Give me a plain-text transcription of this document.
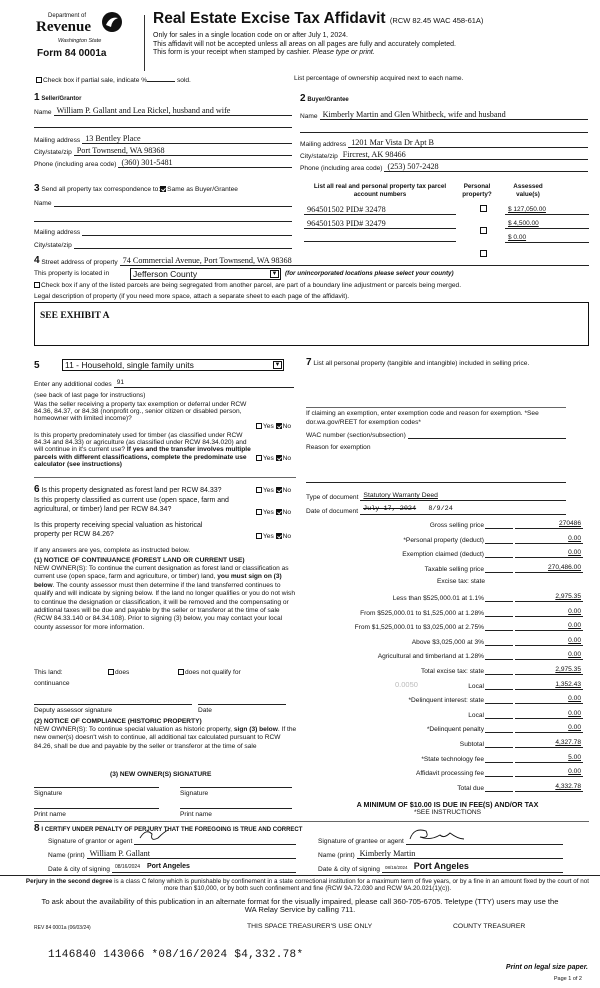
Department of
Revenue
Washington State
Form 84 0001a
Real Estate Excise Tax Affidavit (RCW 82.45 WAC 458-61A)
Only for sales in a single location code on or after July 1, 2024.
This affidavit will not be accepted unless all areas on all pages are fully and accurately completed.
This form is your receipt when stamped by cashier. Please type or print.
Check box if partial sale, indicate %	sold.	List percentage of ownership acquired next to each name.
1 Seller/Grantor
Name William P. Gallant and Lea Rickel, husband and wife
Mailing address 13 Bentley Place
City/state/zip Port Townsend, WA 98368
Phone (including area code) (360) 301-5481
2 Buyer/Grantee
Name Kimberly Martin and Glen Whitbeck, wife and husband
Mailing address 1201 Mar Vista Dr Apt B
City/state/zip Fircrest, AK 98466
Phone (including area code) (253) 507-2428
3 Send all property tax correspondence to: Same as Buyer/Grantee
Name
Mailing address
City/state/zip
List all real and personal property tax parcel account numbers
Personal property?
Assessed value(s)
964501502 PID# 32478	$ 127,050.00
964501503 PID# 32479	$ 4,500.00
$ 0.00
4
Street address of property 74 Commercial Avenue, Port Townsend, WA 98368
This property is located in	Jefferson County	▼ (for unincorporated locations please select your county)
Check box if any of the listed parcels are being segregated from another parcel, are part of a boundary line adjustment or parcels being merged.
Legal description of property (if you need more space, attach a separate sheet to each page of the affidavit).
SEE EXHIBIT A
5	11 - Household, single family units	▼
Enter any additional codes 91
(see back of last page for instructions)
Was the seller receiving a property tax exemption or deferral under RCW 84.36, 84.37, or 84.38 (nonprofit org., senior citizen or disabled person, homeowner with limited income)?
Yes No
Is this property predominately used for timber (as classified under RCW 84.34 and 84.33) or agriculture (as classified under RCW 84.34.020) and will continue in it's current use? If yes and the transfer involves multiple parcels with different classifications, complete the predominate use calculator (see instructions)
Yes No
6 Is this property designated as forest land per RCW 84.33?	Yes No
Is this property classified as current use (open space, farm and agricultural, or timber) land per RCW 84.34?	Yes No
Is this property receiving special valuation as historical property per RCW 84.26?	Yes No
If any answers are yes, complete as instructed below.
(1) NOTICE OF CONTINUANCE (FOREST LAND OR CURRENT USE)
NEW OWNER(S): To continue the current designation as forest land or classification as current use (open space, farm and agriculture, or timber) land, you must sign on (3) below. The county assessor must then determine if the land transferred continues to qualify and will indicate by signing below. If the land no longer qualifies or you do not wish to continue the designation or classification, it will be removed and the compensating or additional taxes will be due and payable by the seller or transferor at the time of sale (RCW 84.33.140 or 84.34.108). Prior to signing (3) below, you may contact your local county assessor for more information.
This land:	does	does not qualify for
continuance
Deputy assessor signature	Date
(2) NOTICE OF COMPLIANCE (HISTORIC PROPERTY)
NEW OWNER(S): To continue special valuation as historic property, sign (3) below. If the new owner(s) doesn't wish to continue, all additional tax calculated pursuant to RCW 84.26, shall be due and payable by the seller or transferor at the time of sale
(3) NEW OWNER(S) SIGNATURE
Signature	Signature
Print name	Print name
7 List all personal property (tangible and intangible) included in selling price.
If claiming an exemption, enter exemption code and reason for exemption. *See dor.wa.gov/REET for exemption codes*
WAC number (section/subsection)
Reason for exemption
Type of document Statutory Warranty Deed
Date of document July 17, 2024 8/9/24
Gross selling price	270486
*Personal property (deduct)	0.00
Exemption claimed (deduct)	0.00
Taxable selling price	270,486.00
Excise tax: state
Less than $525,000.01 at 1.1%	2,975.35
From $525,000.01 to $1,525,000 at 1.28%	0.00
From $1,525,000.01 to $3,025,000 at 2.75%	0.00
Above $3,025,000 at 3%	0.00
Agricultural and timberland at 1.28%	0.00
Total excise tax: state	2,975.35
Local	1,352.43
*Delinquent interest: state	0.00
Local	0.00
*Delinquent penalty	0.00
Subtotal	4,327.78
*State technology fee	5.00
Affidavit processing fee	0.00
Total due	4,332.78
0.0050
A MINIMUM OF $10.00 IS DUE IN FEE(S) AND/OR TAX
*SEE INSTRUCTIONS
8 I CERTIFY UNDER PENALTY OF PERJURY THAT THE FOREGOING IS TRUE AND CORRECT
Signature of grantor or agent
Name (print) William P. Gallant
Date & city of signing	08/16/2024 Port Angeles
Signature of grantee or agent
Name (print) Kimberly Martin
Date & city of signing	08/16/2024 Port Angeles
Perjury in the second degree is a class C felony which is punishable by confinement in a state correctional institution for a maximum term of five years, or by a fine in an amount fixed by the court of not more than $10,000, or by both such confinement and fine (RCW 9A.72.030 and RCW 9A.20.021(1)(c)).
To ask about the availability of this publication in an alternate format for the visually impaired, please call 360-705-6705. Teletype (TTY) users may use the WA Relay Service by calling 711.
REV 84 0001a (06/03/24)	THIS SPACE TREASURER'S USE ONLY	COUNTY TREASURER
1146840 143066 *08/16/2024 $4,332.78*
Print on legal size paper.
Page 1 of 2
